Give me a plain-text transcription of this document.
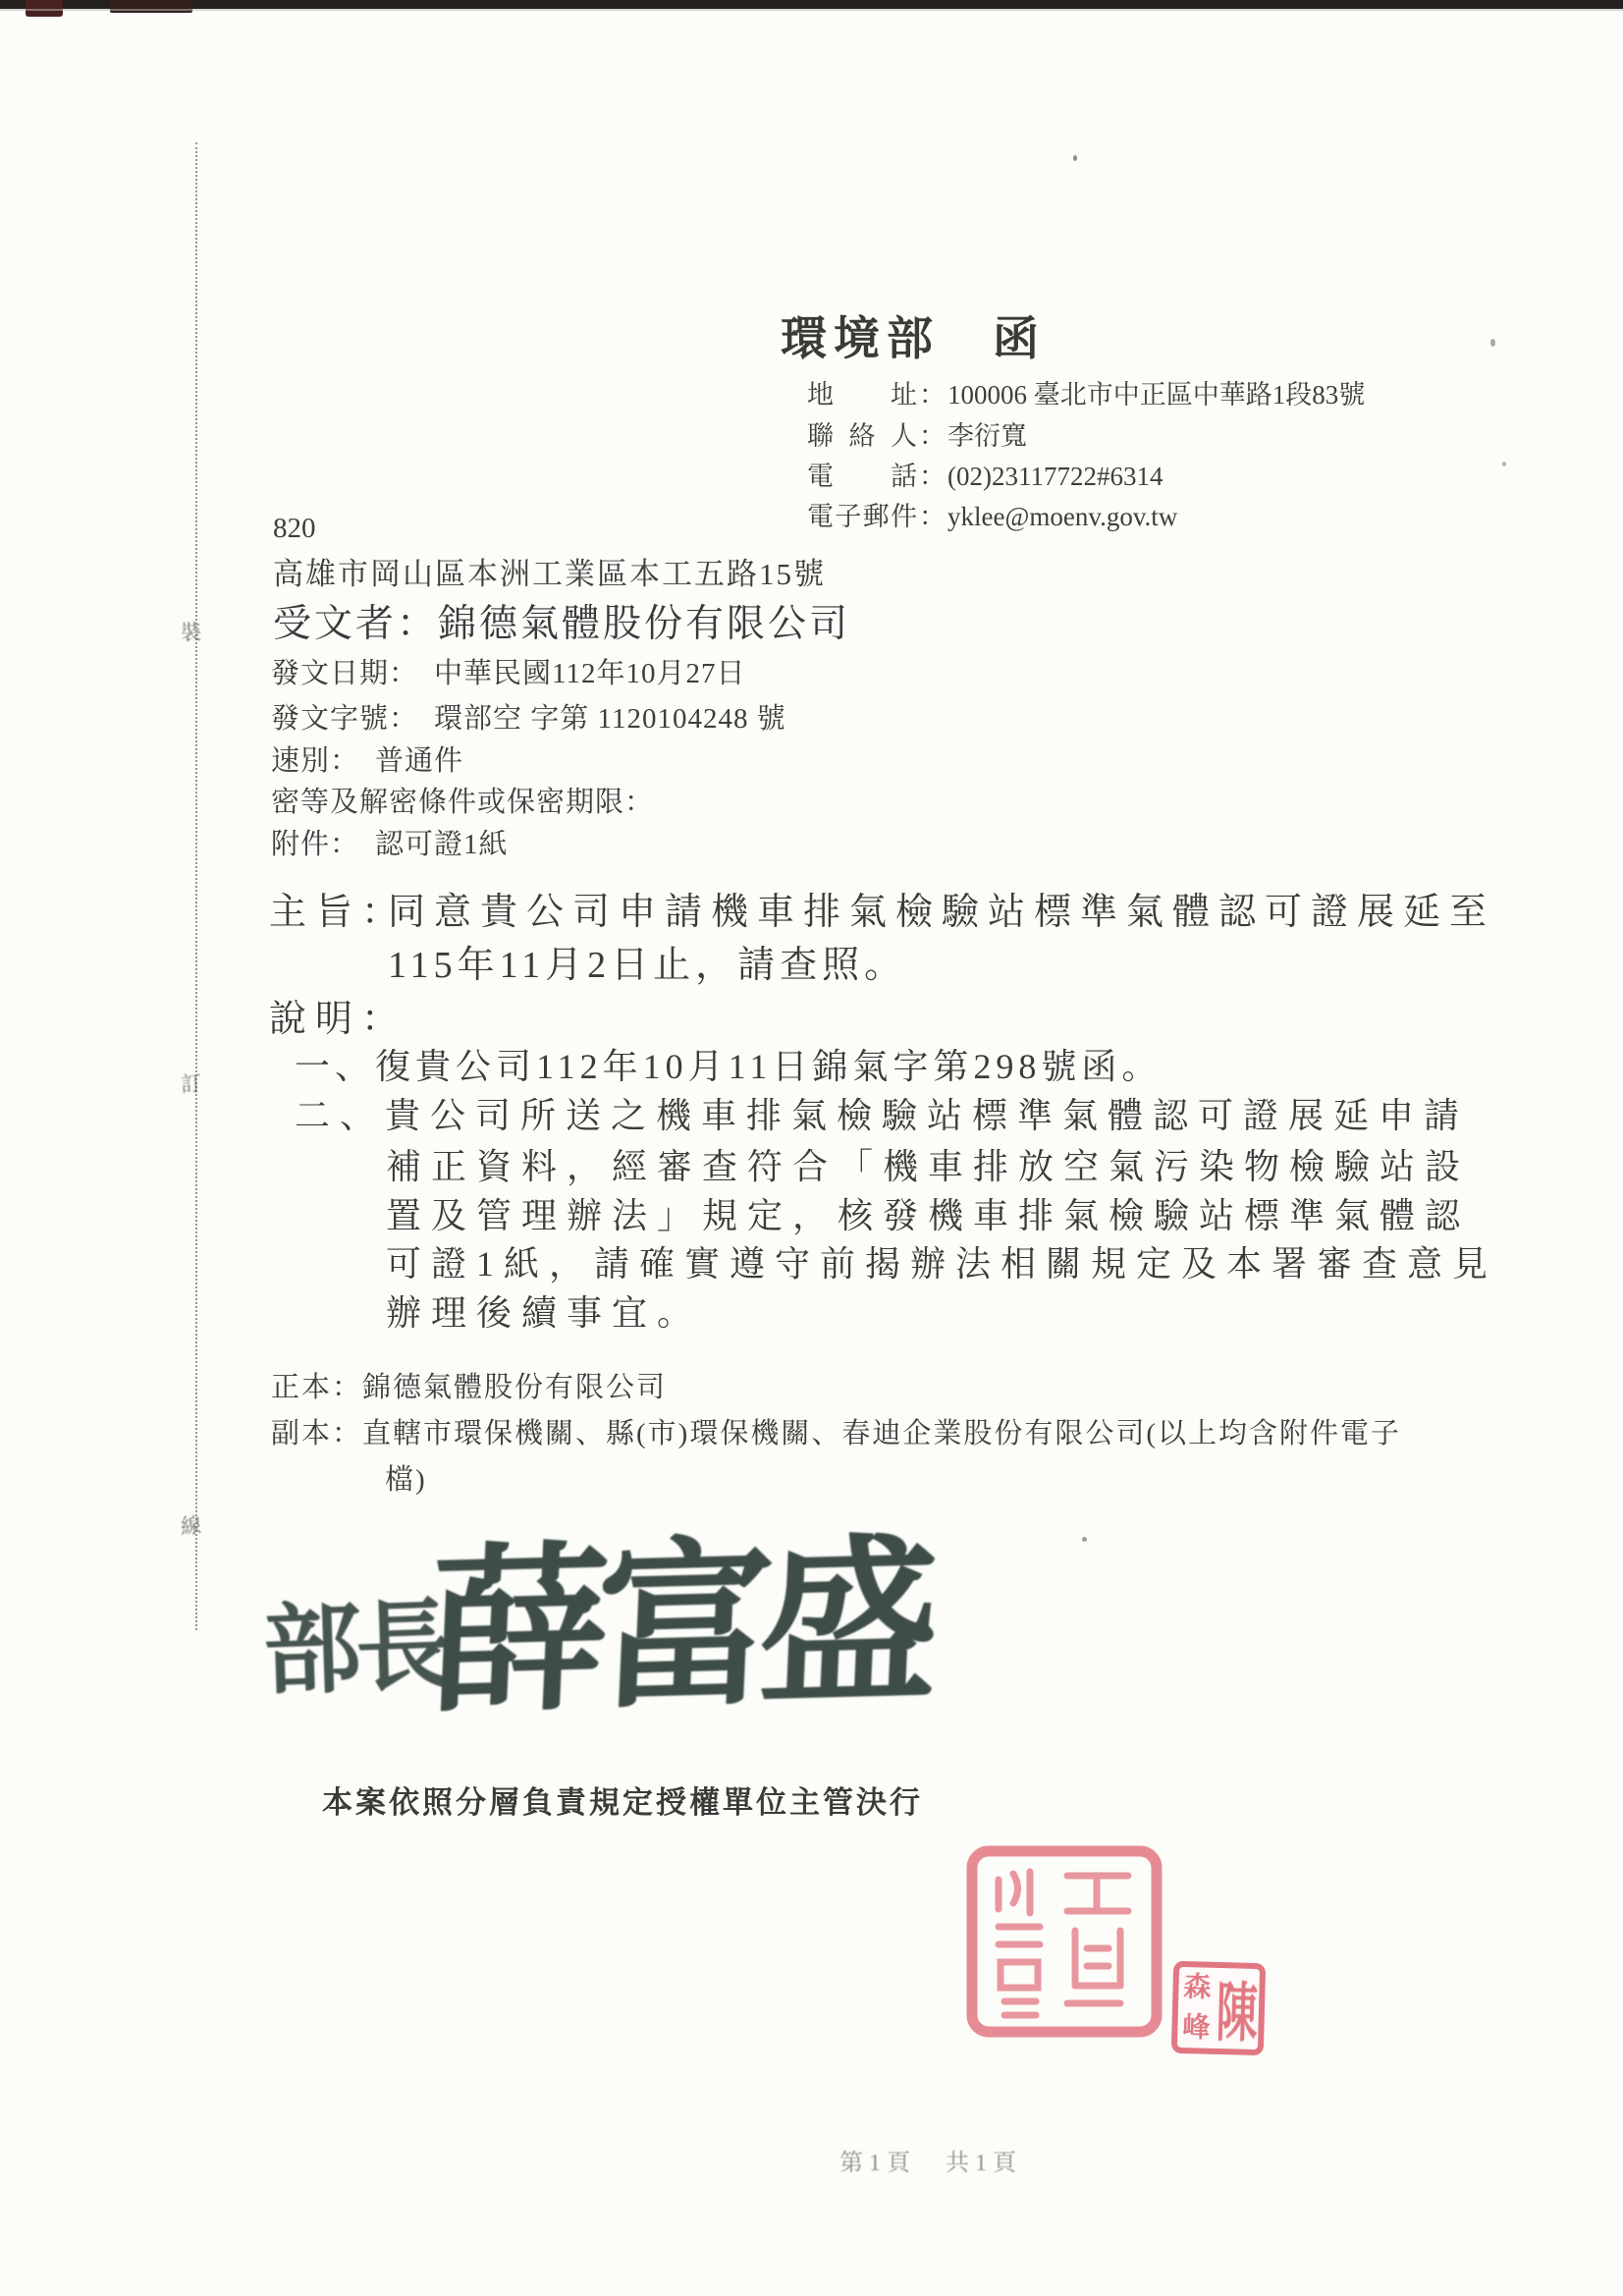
裝
訂
線
環境部　函
地址：100006 臺北市中正區中華路1段83號
聯絡人：李衍寬
電話：(02)23117722#6314
電子郵件：yklee@moenv.gov.tw
820
高雄市岡山區本洲工業區本工五路15號
受文者：錦德氣體股份有限公司
發文日期： 中華民國112年10月27日
發文字號： 環部空 字第 1120104248 號
速別： 普通件
密等及解密條件或保密期限：
附件： 認可證1紙
主旨：
同意貴公司申請機車排氣檢驗站標準氣體認可證展延至
115年11月2日止，請查照。
說明：
一、復貴公司112年10月11日錦氣字第298號函。
二、貴公司所送之機車排氣檢驗站標準氣體認可證展延申請
補正資料，經審查符合「機車排放空氣污染物檢驗站設
置及管理辦法」規定，核發機車排氣檢驗站標準氣體認
可證1紙，請確實遵守前揭辦法相關規定及本署審查意見
辦理後續事宜。
正本：錦德氣體股份有限公司
副本：直轄市環保機關、縣(市)環保機關、春迪企業股份有限公司(以上均含附件電子
檔)
部長
薛富盛
本案依照分層負責規定授權單位主管決行
森
峰 陳
第1頁　共1頁
